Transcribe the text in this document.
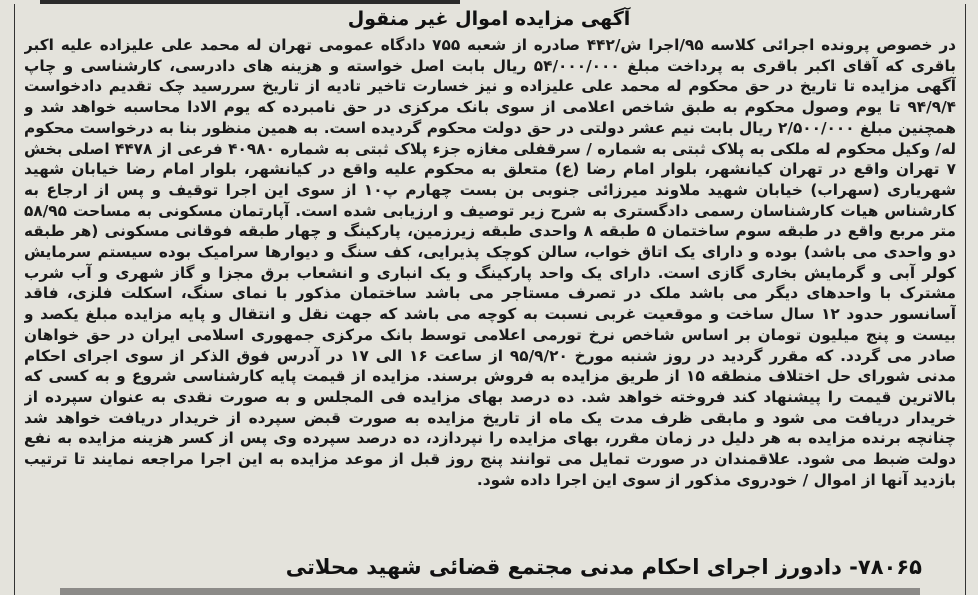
آگهی مزایده اموال غیر منقول
در خصوص پرونده اجرائی کلاسه ۹۵/اجرا ش/۴۴۲ صادره از شعبه ۷۵۵ دادگاه عمومی تهران له محمد علی علیزاده علیه اکبر باقری که آقای اکبر باقری به پرداخت مبلغ ۵۴/۰۰۰/۰۰۰ ریال بابت اصل خواسته و هزینه های دادرسی، کارشناسی و چاپ آگهی مزایده تا تاریخ در حق محکوم له محمد علی علیزاده و نیز خسارت تاخیر تادیه از تاریخ سررسید چک تقدیم دادخواست ۹۴/۹/۴ تا یوم وصول محکوم به طبق شاخص اعلامی از سوی بانک مرکزی در حق نامبرده که یوم الادا محاسبه خواهد شد و همچنین مبلغ ۲/۵۰۰/۰۰۰ ریال بابت نیم عشر دولتی در حق دولت محکوم گردیده است. به همین منظور بنا به درخواست محکوم له/ وکیل محکوم له ملکی به پلاک ثبتی به شماره / سرقفلی مغازه جزء پلاک ثبتی به شماره ۴۰۹۸۰ فرعی از ۴۴۷۸ اصلی بخش ۷ تهران واقع در تهران کیانشهر، بلوار امام رضا (ع) متعلق به محکوم علیه واقع در کیانشهر، بلوار امام رضا خیابان شهید شهریاری (سهراب) خیابان شهید ملاوند میرزائی جنوبی بن بست چهارم پ۱۰ از سوی این اجرا توقیف و پس از ارجاع به کارشناس هیات کارشناسان رسمی دادگستری به شرح زیر توصیف و ارزیابی شده است. آپارتمان مسکونی به مساحت ۵۸/۹۵ متر مربع واقع در طبقه سوم ساختمان ۵ طبقه ۸ واحدی طبقه زیرزمین، پارکینگ و چهار طبقه فوقانی مسکونی (هر طبقه دو واحدی می باشد) بوده و دارای یک اتاق خواب، سالن کوچک پذیرایی، کف سنگ و دیوارها سرامیک بوده سیستم سرمایش کولر آبی و گرمایش بخاری گازی است. دارای یک واحد پارکینگ و یک انباری و انشعاب برق مجزا و گاز شهری و آب شرب مشترک با واحدهای دیگر می باشد ملک در تصرف مستاجر می باشد ساختمان مذکور با نمای سنگ، اسکلت فلزی، فاقد آسانسور حدود ۱۲ سال ساخت و موقعیت غربی نسبت به کوچه می باشد که جهت نقل و انتقال و پایه مزایده مبلغ یکصد و بیست و پنج میلیون تومان بر اساس شاخص نرخ تورمی اعلامی توسط بانک مرکزی جمهوری اسلامی ایران در حق خواهان صادر می گردد. که مقرر گردید در روز شنبه مورخ ۹۵/۹/۲۰ از ساعت ۱۶ الی ۱۷ در آدرس فوق الذکر از سوی اجرای احکام مدنی شورای حل اختلاف منطقه ۱۵ از طریق مزایده به فروش برسند. مزایده از قیمت پایه کارشناسی شروع و به کسی که بالاترین قیمت را پیشنهاد کند فروخته خواهد شد. ده درصد بهای مزایده فی المجلس و به صورت نقدی به عنوان سپرده از خریدار دریافت می شود و مابقی ظرف مدت یک ماه از تاریخ مزایده به صورت قبض سپرده از خریدار دریافت خواهد شد چنانچه برنده مزایده به هر دلیل در زمان مقرر، بهای مزایده را نپردازد، ده درصد سپرده وی پس از کسر هزینه مزایده به نفع دولت ضبط می شود. علاقمندان در صورت تمایل می توانند پنج روز قبل از موعد مزایده به این اجرا مراجعه نمایند تا ترتیب بازدید آنها از اموال / خودروی مذکور از سوی این اجرا داده شود.
۷۸۰۶۵- دادورز اجرای احکام مدنی مجتمع قضائی شهید محلاتی
